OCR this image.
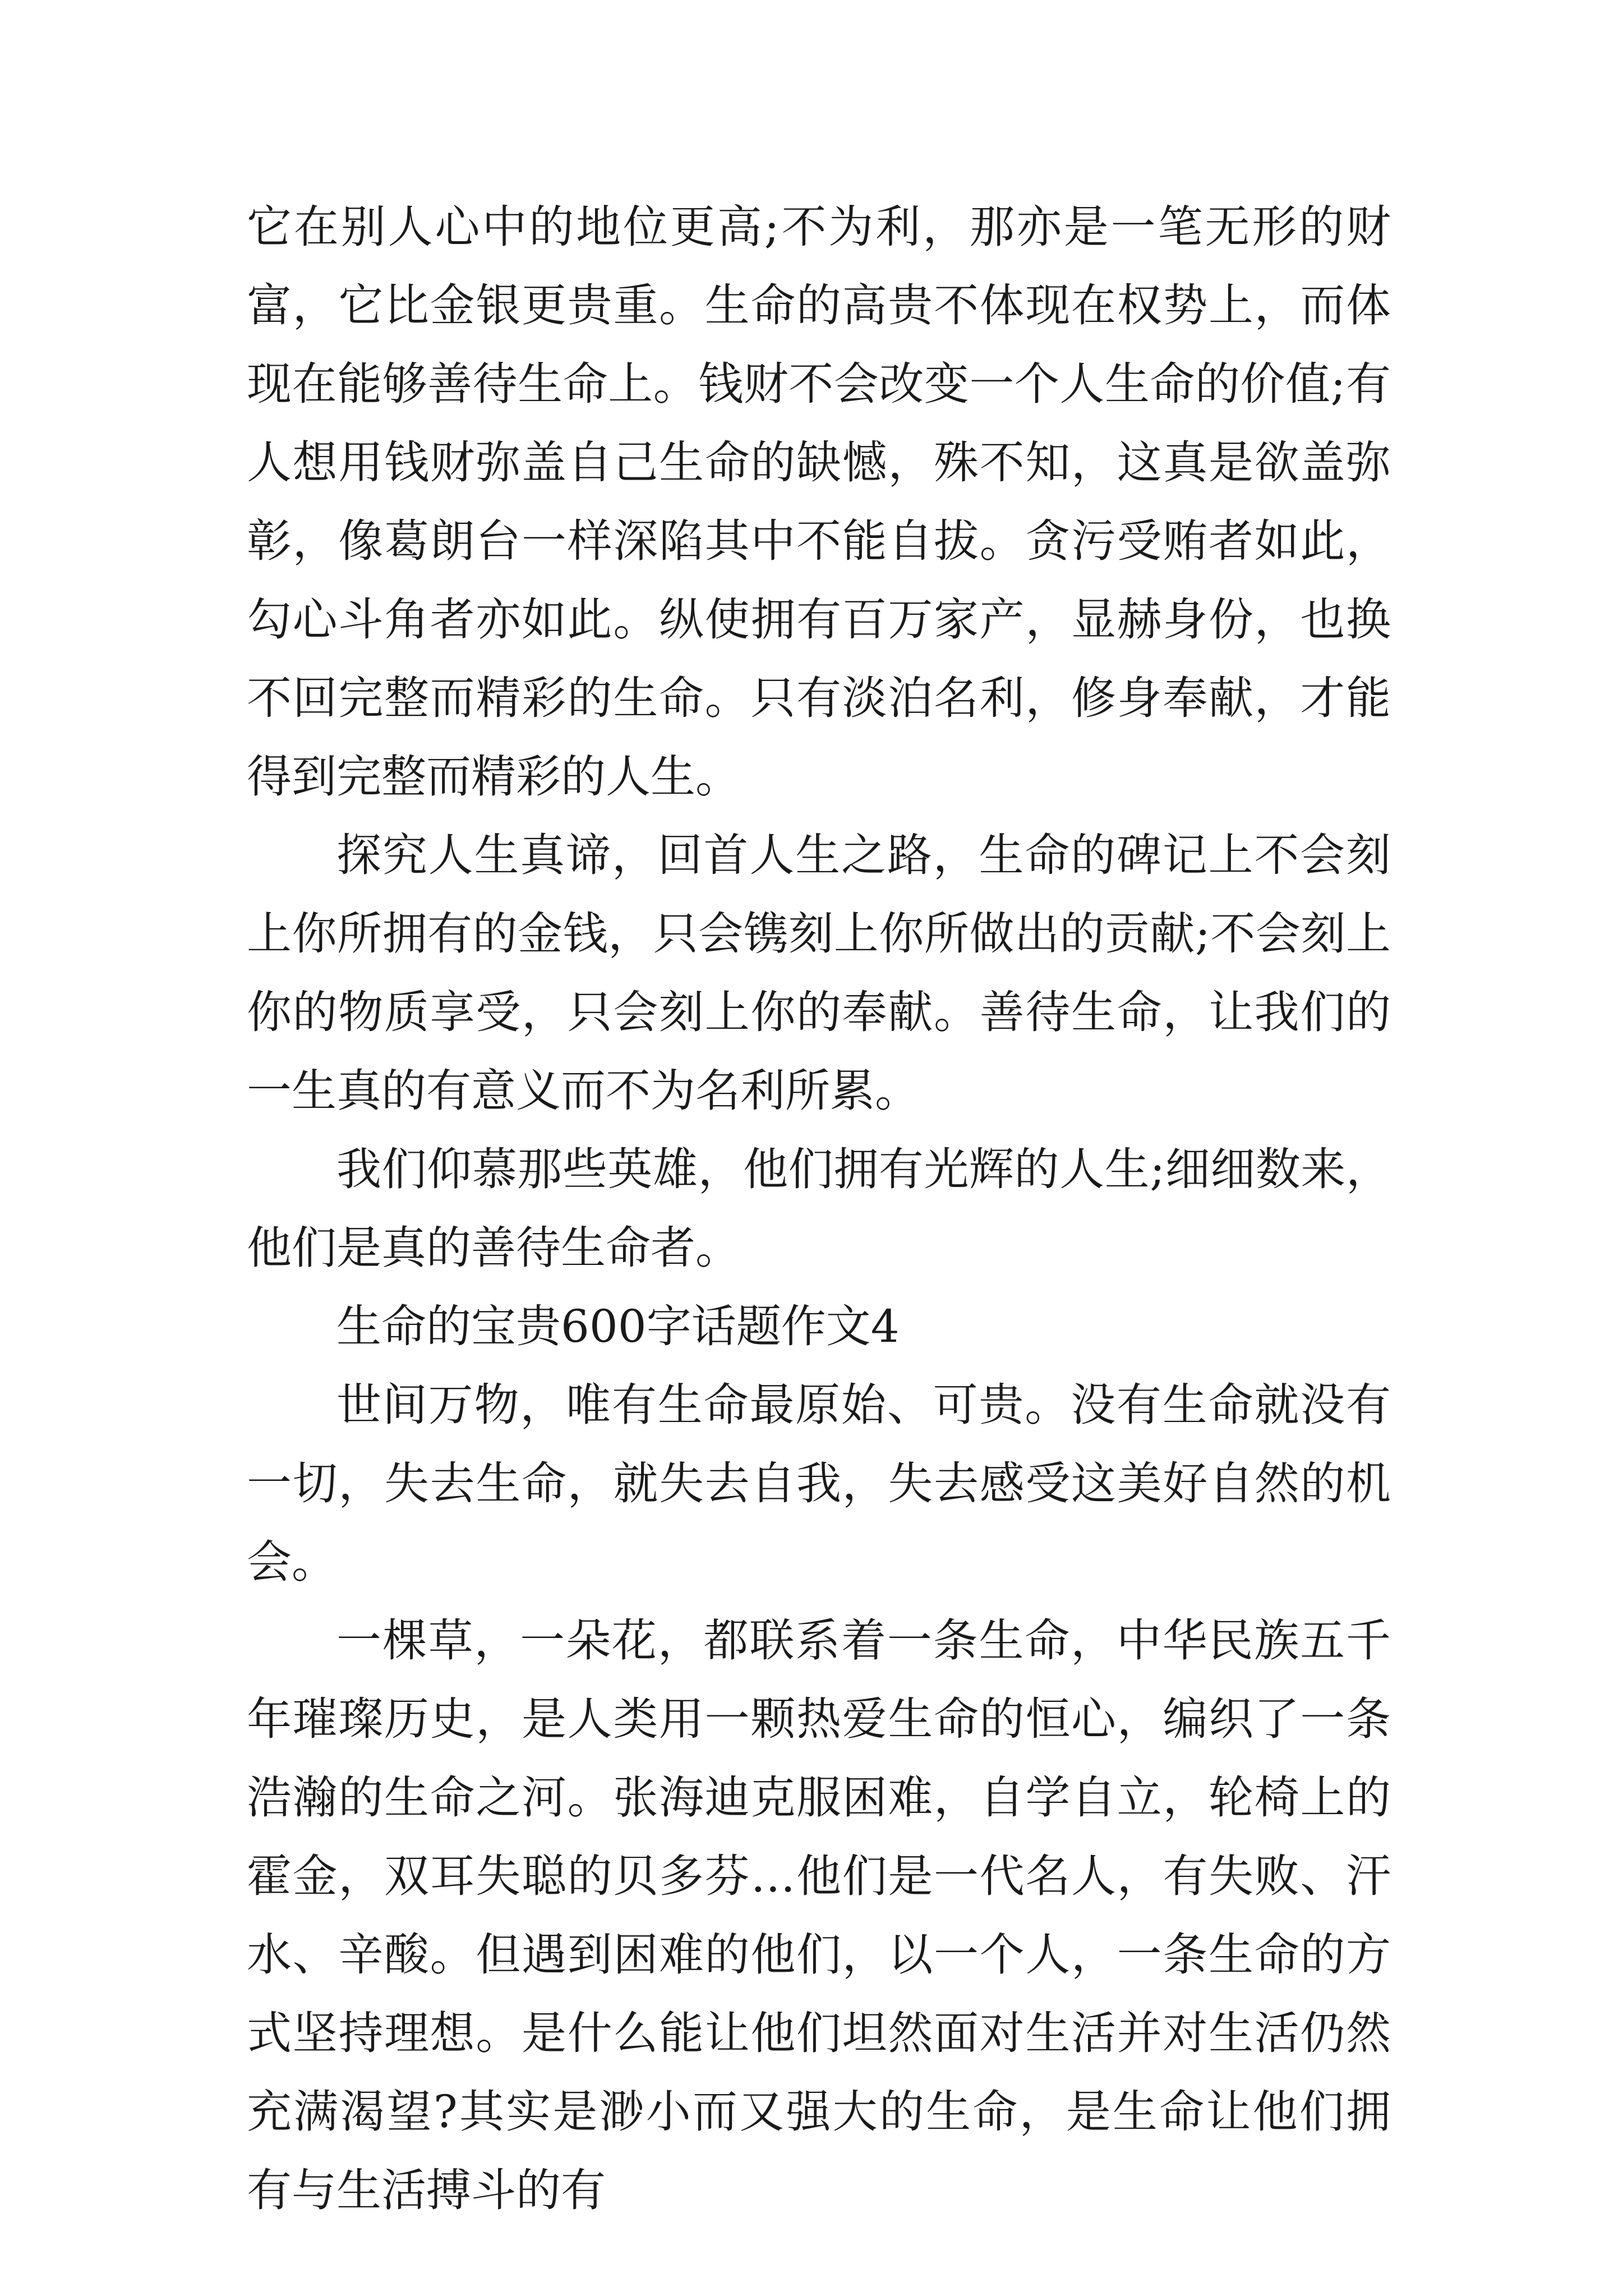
它在别人心中的地位更高;不为利，那亦是一笔无形的财富，它比金银更贵重。生命的高贵不体现在权势上，而体现在能够善待生命上。钱财不会改变一个人生命的价值;有人想用钱财弥盖自己生命的缺憾，殊不知，这真是欲盖弥彰，像葛朗台一样深陷其中不能自拔。贪污受贿者如此，勾心斗角者亦如此。纵使拥有百万家产，显赫身份，也换不回完整而精彩的生命。只有淡泊名利，修身奉献，才能得到完整而精彩的人生。

探究人生真谛，回首人生之路，生命的碑记上不会刻上你所拥有的金钱，只会镌刻上你所做出的贡献;不会刻上你的物质享受，只会刻上你的奉献。善待生命，让我们的一生真的有意义而不为名利所累。

我们仰慕那些英雄，他们拥有光辉的人生;细细数来，他们是真的善待生命者。

生命的宝贵600字话题作文4

世间万物，唯有生命最原始、可贵。没有生命就没有一切，失去生命，就失去自我，失去感受这美好自然的机会。

一棵草，一朵花，都联系着一条生命，中华民族五千年璀璨历史，是人类用一颗热爱生命的恒心，编织了一条浩瀚的生命之河。张海迪克服困难，自学自立，轮椅上的霍金，双耳失聪的贝多芬…他们是一代名人，有失败、汗水、辛酸。但遇到困难的他们，以一个人，一条生命的方式坚持理想。是什么能让他们坦然面对生活并对生活仍然充满渴望?其实是渺小而又强大的生命，是生命让他们拥有与生活搏斗的有
